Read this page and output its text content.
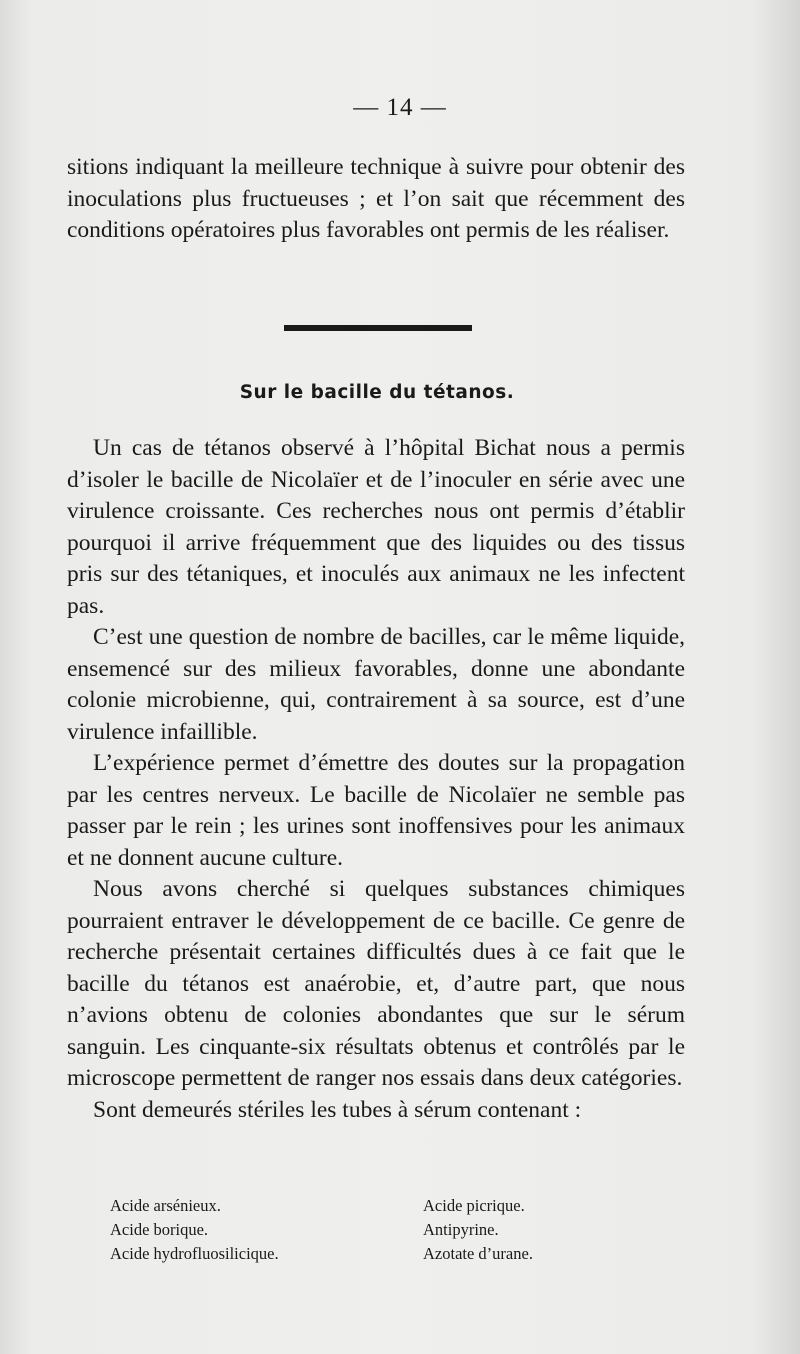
— 14 —

sitions indiquant la meilleure technique à suivre pour obtenir des inoculations plus fructueuses ; et l’on sait que récemment des conditions opératoires plus favorables ont permis de les réaliser.

Sur le bacille du tétanos.

Un cas de tétanos observé à l’hôpital Bichat nous a permis d’isoler le bacille de Nicolaïer et de l’inoculer en série avec une virulence croissante. Ces recherches nous ont permis d’établir pourquoi il arrive fréquemment que des liquides ou des tissus pris sur des tétaniques, et inoculés aux animaux ne les infectent pas.

C’est une question de nombre de bacilles, car le même liquide, ensemencé sur des milieux favorables, donne une abondante colonie microbienne, qui, contrairement à sa source, est d’une virulence infaillible.

L’expérience permet d’émettre des doutes sur la propagation par les centres nerveux. Le bacille de Nicolaïer ne semble pas passer par le rein ; les urines sont inoffensives pour les animaux et ne donnent aucune culture.

Nous avons cherché si quelques substances chimiques pourraient entraver le développement de ce bacille. Ce genre de recherche présentait certaines difficultés dues à ce fait que le bacille du tétanos est anaérobie, et, d’autre part, que nous n’avions obtenu de colonies abondantes que sur le sérum sanguin. Les cinquante-six résultats obtenus et contrôlés par le microscope permettent de ranger nos essais dans deux catégories.

Sont demeurés stériles les tubes à sérum contenant :

Acide arsénieux.
Acide borique.
Acide hydrofluosilicique.
Acide picrique.
Antipyrine.
Azotate d’urane.
